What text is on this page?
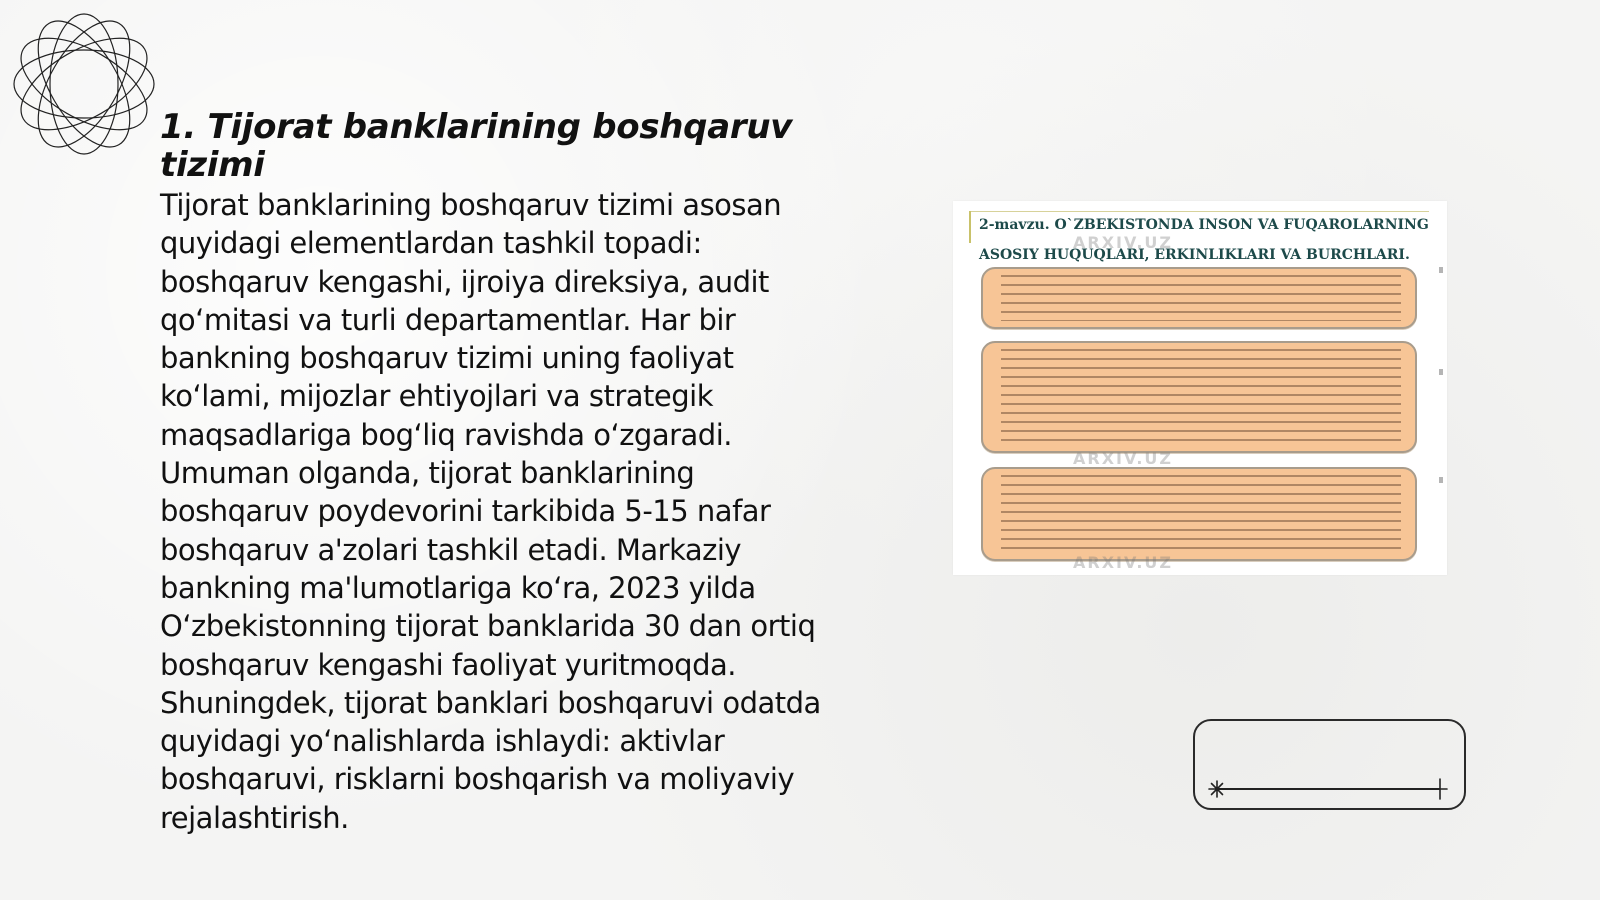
1. Tijorat banklarining boshqaruv tizimi

Tijorat banklarining boshqaruv tizimi asosan quyidagi elementlardan tashkil topadi: boshqaruv kengashi, ijroiya direksiya, audit qo‘mitasi va turli departamentlar. Har bir bankning boshqaruv tizimi uning faoliyat ko‘lami, mijozlar ehtiyojlari va strategik maqsadlariga bog‘liq ravishda o‘zgaradi. Umuman olganda, tijorat banklarining boshqaruv poydevorini tarkibida 5-15 nafar boshqaruv a'zolari tashkil etadi. Markaziy bankning ma'lumotlariga ko‘ra, 2023 yilda O‘zbekistonning tijorat banklarida 30 dan ortiq boshqaruv kengashi faoliyat yuritmoqda. Shuningdek, tijorat banklari boshqaruvi odatda quyidagi yo‘nalishlarda ishlaydi: aktivlar boshqaruvi, risklarni boshqarish va moliyaviy rejalashtirish.

2-mavzu. O`ZBEKISTONDA INSON VA FUQAROLARNING
ASOSIY HUQUQLARI, ERKINLIKLARI VA BURCHLARI.
ARXIV.UZ
ARXIV.UZ
ARXIV.UZ
